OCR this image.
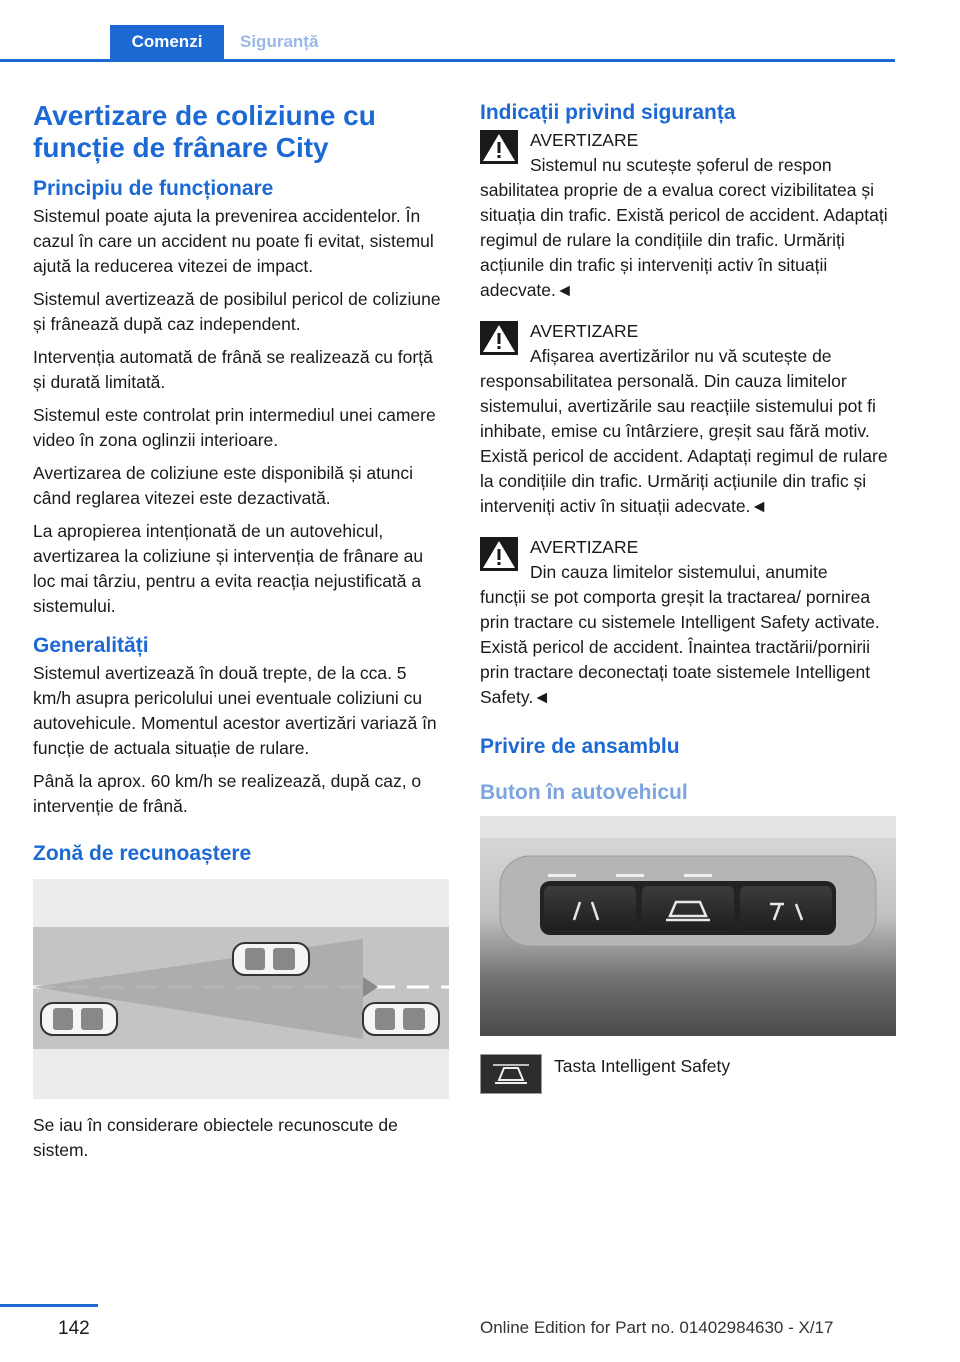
Comenzi	Siguranță
Avertizare de coliziune cu funcție de frânare City
Principiu de funcționare

Sistemul poate ajuta la prevenirea accidentelor. În cazul în care un accident nu poate fi evitat, sistemul ajută la reducerea vitezei de impact.

Sistemul avertizează de posibilul pericol de coliziune și frânează după caz independent.

Intervenția automată de frână se realizează cu forță și durată limitată.

Sistemul este controlat prin intermediul unei camere video în zona oglinzii interioare.

Avertizarea de coliziune este disponibilă și atunci când reglarea vitezei este dezactivată.

La apropierea intenționată de un autovehicul, avertizarea la coliziune și intervenția de frânare au loc mai târziu, pentru a evita reacția nejustificată a sistemului.

Generalități

Sistemul avertizează în două trepte, de la cca. 5 km/h asupra pericolului unei eventuale coliziuni cu autovehicule. Momentul acestor avertizări variază în funcție de actuala situație de rulare.

Până la aprox. 60 km/h se realizează, după caz, o intervenție de frână.

Zonă de recunoaștere

Se iau în considerare obiectele recunoscute de sistem.

Indicații privind siguranța
AVERTIZARE
Sistemul nu scutește șoferul de respon
sabilitatea proprie de a evalua corect vizibilitatea și situația din trafic. Există pericol de accident. Adaptați regimul de rulare la condițiile din trafic. Urmăriți acțiunile din trafic și interveniți activ în situații adecvate.◄
AVERTIZARE
Afișarea avertizărilor nu vă scutește de
responsabilitatea personală. Din cauza limitelor sistemului, avertizările sau reacțiile sistemului pot fi inhibate, emise cu întârziere, greșit sau fără motiv. Există pericol de accident. Adaptați regimul de rulare la condițiile din trafic. Urmăriți acțiunile din trafic și interveniți activ în situații adecvate.◄
AVERTIZARE
Din cauza limitelor sistemului, anumite
funcții se pot comporta greșit la tractarea/ pornirea prin tractare cu sistemele Intelligent Safety activate. Există pericol de accident. Înaintea tractării/pornirii prin tractare deconectați toate sistemele Intelligent Safety.◄
Privire de ansamblu
Buton în autovehicul
Tasta Intelligent Safety
142	Online Edition for Part no. 01402984630 - X/17
